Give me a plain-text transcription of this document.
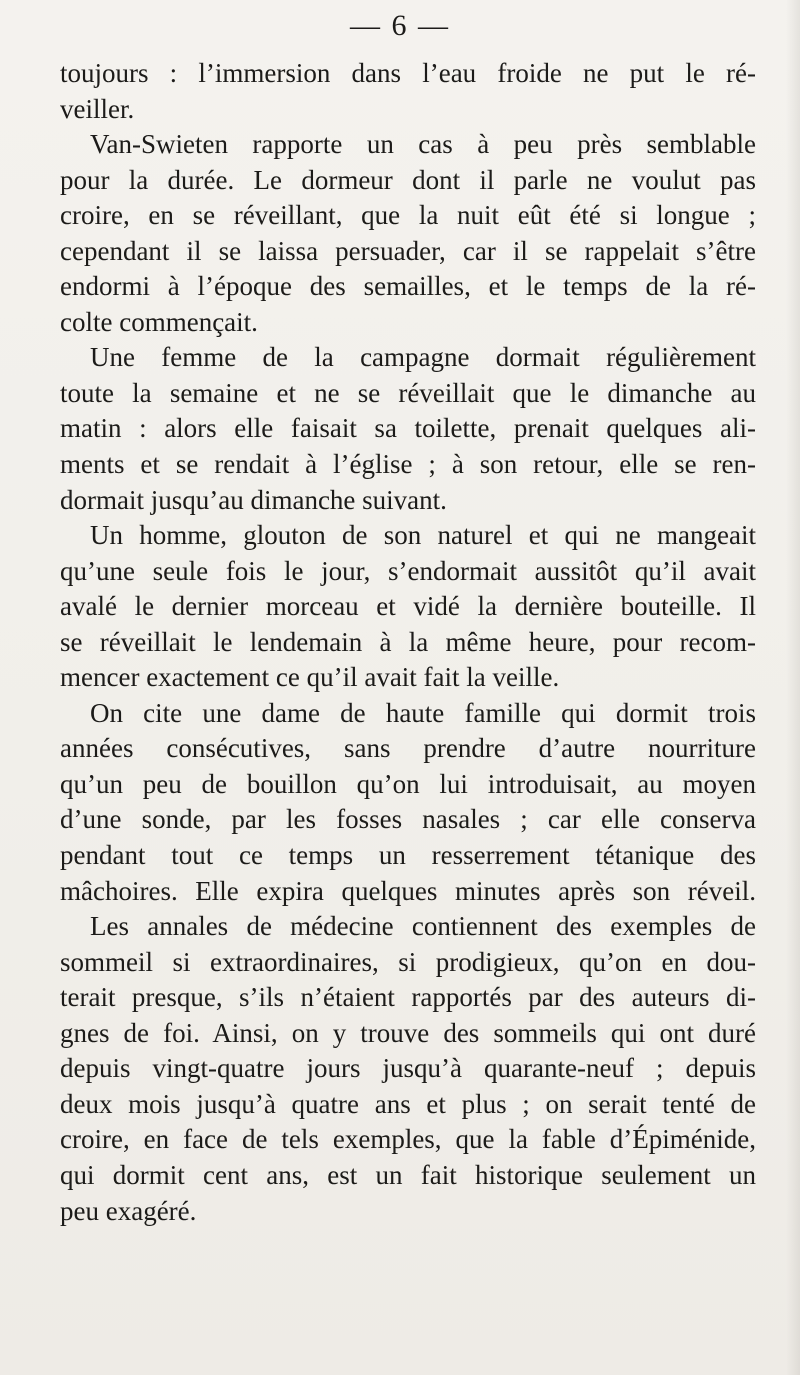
— 6 —
toujours : l’immersion dans l’eau froide ne put le ré-
veiller.
Van-Swieten rapporte un cas à peu près semblable
pour la durée. Le dormeur dont il parle ne voulut pas
croire, en se réveillant, que la nuit eût été si longue ;
cependant il se laissa persuader, car il se rappelait s’être
endormi à l’époque des semailles, et le temps de la ré-
colte commençait.
Une femme de la campagne dormait régulièrement
toute la semaine et ne se réveillait que le dimanche au
matin : alors elle faisait sa toilette, prenait quelques ali-
ments et se rendait à l’église ; à son retour, elle se ren-
dormait jusqu’au dimanche suivant.
Un homme, glouton de son naturel et qui ne mangeait
qu’une seule fois le jour, s’endormait aussitôt qu’il avait
avalé le dernier morceau et vidé la dernière bouteille. Il
se réveillait le lendemain à la même heure, pour recom-
mencer exactement ce qu’il avait fait la veille.
On cite une dame de haute famille qui dormit trois
années consécutives, sans prendre d’autre nourriture
qu’un peu de bouillon qu’on lui introduisait, au moyen
d’une sonde, par les fosses nasales ; car elle conserva
pendant tout ce temps un resserrement tétanique des
mâchoires. Elle expira quelques minutes après son réveil.
Les annales de médecine contiennent des exemples de
sommeil si extraordinaires, si prodigieux, qu’on en dou-
terait presque, s’ils n’étaient rapportés par des auteurs di-
gnes de foi. Ainsi, on y trouve des sommeils qui ont duré
depuis vingt-quatre jours jusqu’à quarante-neuf ; depuis
deux mois jusqu’à quatre ans et plus ; on serait tenté de
croire, en face de tels exemples, que la fable d’Épiménide,
qui dormit cent ans, est un fait historique seulement un
peu exagéré.
